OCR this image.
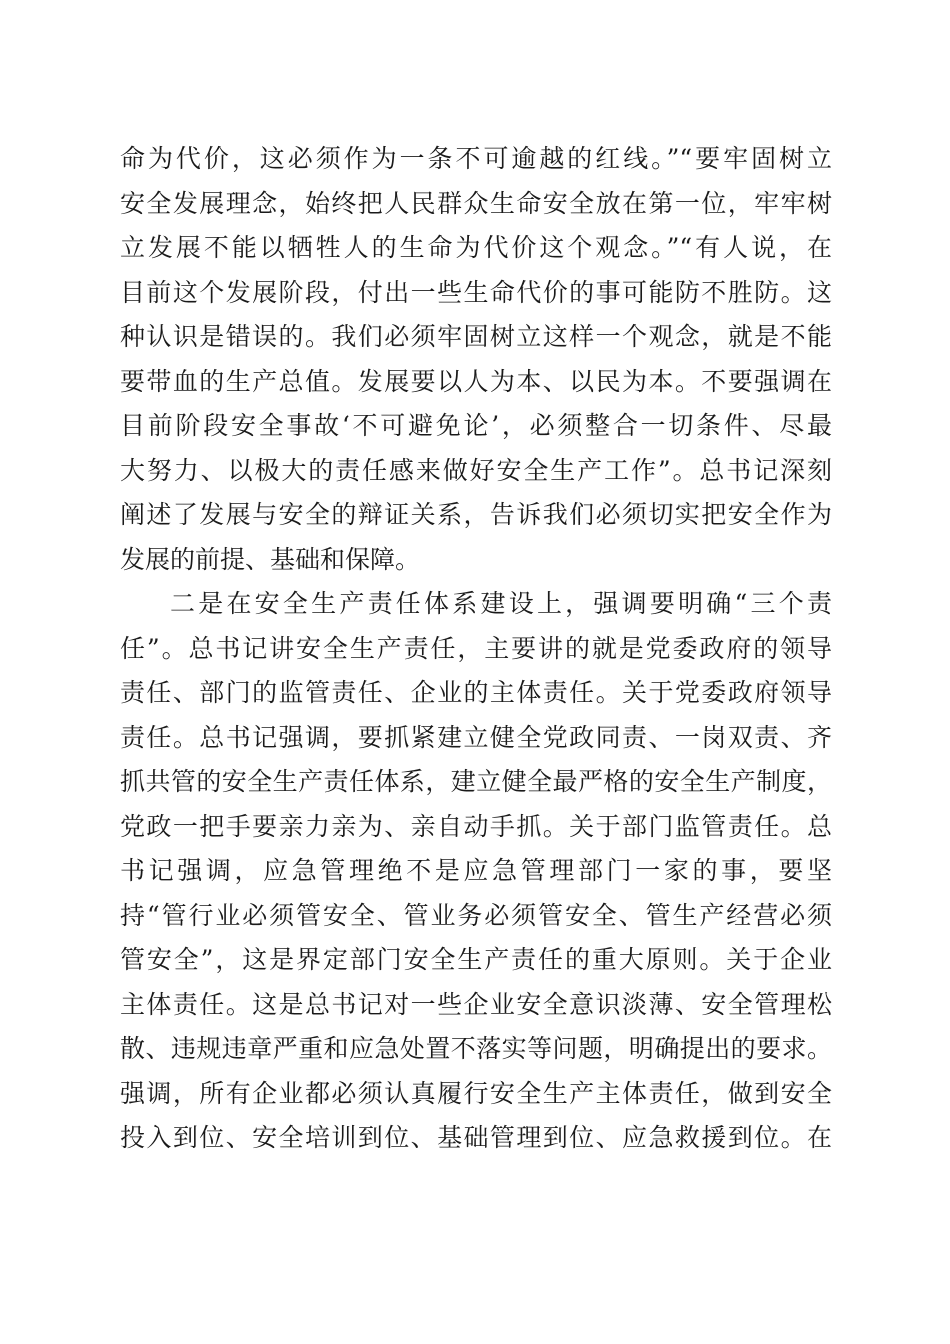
命为代价，这必须作为一条不可逾越的红线。”“要牢固树立
安全发展理念，始终把人民群众生命安全放在第一位，牢牢树
立发展不能以牺牲人的生命为代价这个观念。”“有人说，在
目前这个发展阶段，付出一些生命代价的事可能防不胜防。这
种认识是错误的。我们必须牢固树立这样一个观念，就是不能
要带血的生产总值。发展要以人为本、以民为本。不要强调在
目前阶段安全事故‘不可避免论’，必须整合一切条件、尽最
大努力、以极大的责任感来做好安全生产工作”。总书记深刻
阐述了发展与安全的辩证关系，告诉我们必须切实把安全作为
发展的前提、基础和保障。
二是在安全生产责任体系建设上，强调要明确“三个责
任”。总书记讲安全生产责任，主要讲的就是党委政府的领导
责任、部门的监管责任、企业的主体责任。关于党委政府领导
责任。总书记强调，要抓紧建立健全党政同责、一岗双责、齐
抓共管的安全生产责任体系，建立健全最严格的安全生产制度，
党政一把手要亲力亲为、亲自动手抓。关于部门监管责任。总
书记强调，应急管理绝不是应急管理部门一家的事，要坚
持“管行业必须管安全、管业务必须管安全、管生产经营必须
管安全”，这是界定部门安全生产责任的重大原则。关于企业
主体责任。这是总书记对一些企业安全意识淡薄、安全管理松
散、违规违章严重和应急处置不落实等问题，明确提出的要求。
强调，所有企业都必须认真履行安全生产主体责任，做到安全
投入到位、安全培训到位、基础管理到位、应急救援到位。在
